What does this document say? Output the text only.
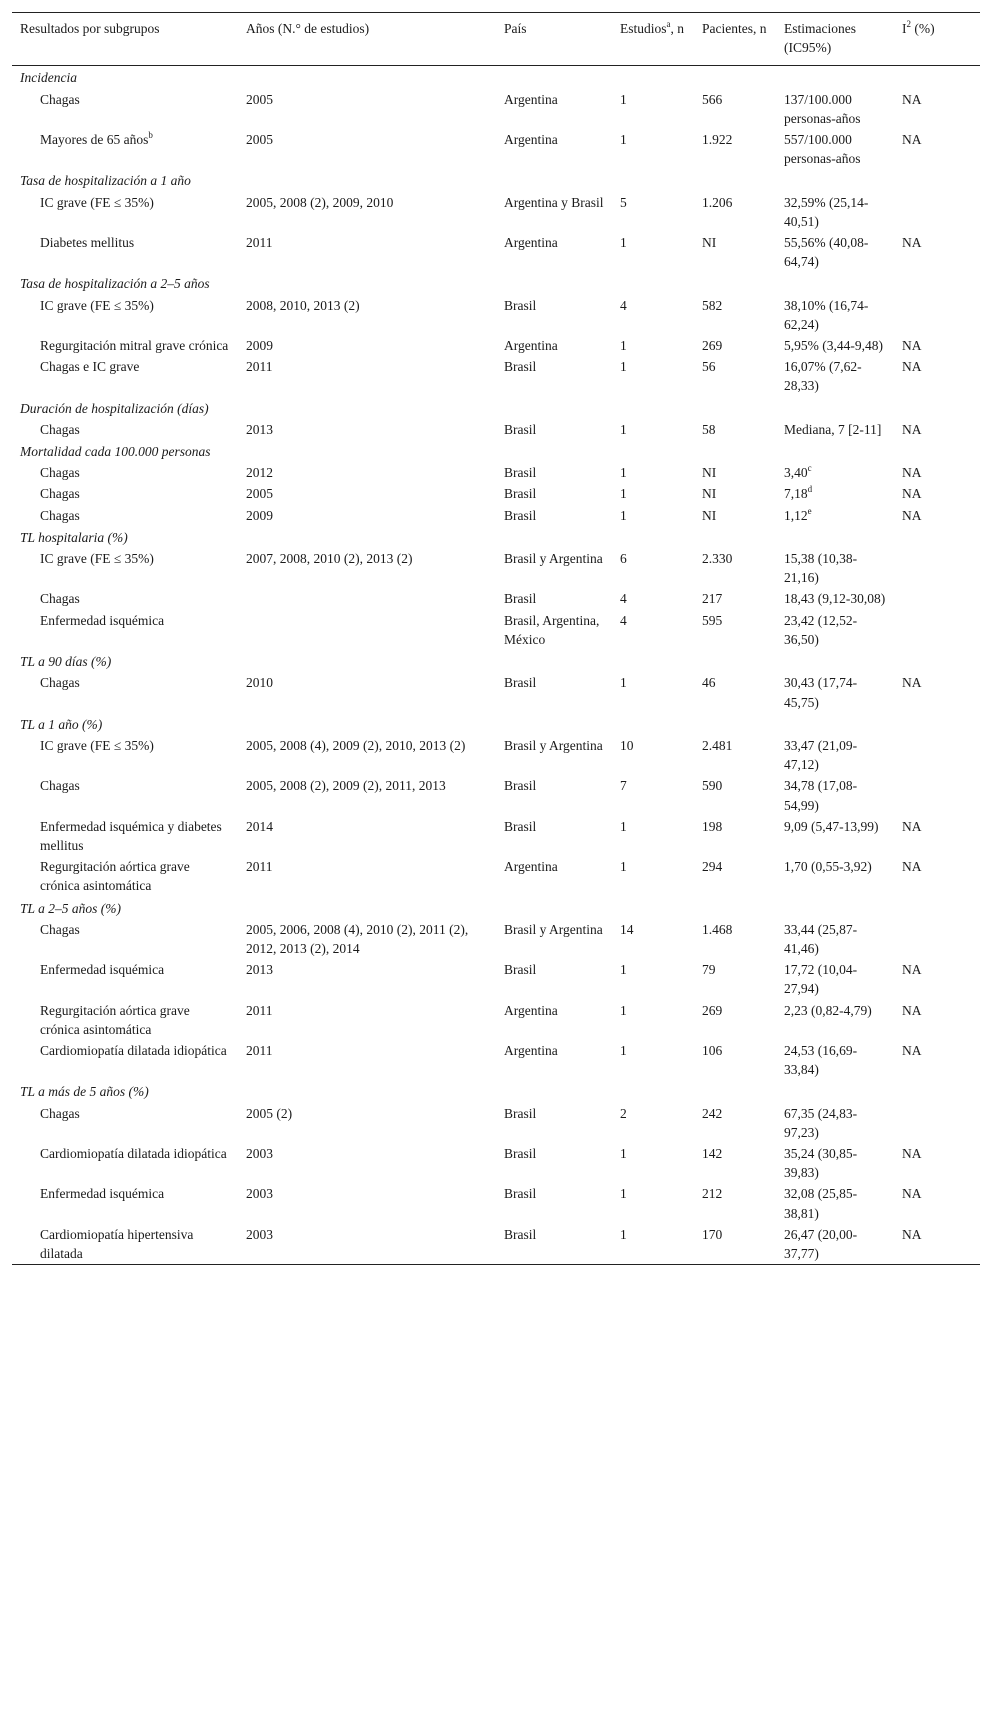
Resultados por subgrupos	Años (N.° de estudios)	País	Estudios$^a$, n	Pacientes, n	Estimaciones (IC95%)	$I^2$ (%)
Incidencia						
Chagas	2005	Argentina	1	566	137/100.000 personas-años	NA
Mayores de 65 años$^b$	2005	Argentina	1	1.922	557/100.000 personas-años	NA
Tasa de hospitalización a 1 año						
IC grave (FE ≤ 35%)	2005, 2008 (2), 2009, 2010	Argentina y Brasil	5	1.206	32,59% (25,14-40,51)	
Diabetes mellitus	2011	Argentina	1	NI	55,56% (40,08-64,74)	NA
Tasa de hospitalización a 2–5 años						
IC grave (FE ≤ 35%)	2008, 2010, 2013 (2)	Brasil	4	582	38,10% (16,74-62,24)	
Regurgitación mitral grave crónica	2009	Argentina	1	269	5,95% (3,44-9,48)	NA
Chagas e IC grave	2011	Brasil	1	56	16,07% (7,62-28,33)	NA
Duración de hospitalización (días)						
Chagas	2013	Brasil	1	58	Mediana, 7 [2-11]	NA
Mortalidad cada 100.000 personas						
Chagas	2012	Brasil	1	NI	3,40$^c$	NA
Chagas	2005	Brasil	1	NI	7,18$^d$	NA
Chagas	2009	Brasil	1	NI	1,12e	NA
TL hospitalaria (%)						
IC grave (FE ≤ 35%)	2007, 2008, 2010 (2), 2013 (2)	Brasil y Argentina	6	2.330	15,38 (10,38-21,16)	
Chagas		Brasil	4	217	18,43 (9,12-30,08)	
Enfermedad isquémica		Brasil, Argentina, México	4	595	23,42 (12,52-36,50)	
TL a 90 días (%)						
Chagas	2010	Brasil	1	46	30,43 (17,74-45,75)	NA
TL a 1 año (%)						
IC grave (FE ≤ 35%)	2005, 2008 (4), 2009 (2), 2010, 2013 (2)	Brasil y Argentina	10	2.481	33,47 (21,09-47,12)	
Chagas	2005, 2008 (2), 2009 (2), 2011, 2013	Brasil	7	590	34,78 (17,08-54,99)	
Enfermedad isquémica y diabetes mellitus	2014	Brasil	1	198	9,09 (5,47-13,99)	NA
Regurgitación aórtica grave crónica asintomática	2011	Argentina	1	294	1,70 (0,55-3,92)	NA
TL a 2–5 años (%)						
Chagas	2005, 2006, 2008 (4), 2010 (2), 2011 (2), 2012, 2013 (2), 2014	Brasil y Argentina	14	1.468	33,44 (25,87-41,46)	
Enfermedad isquémica	2013	Brasil	1	79	17,72 (10,04-27,94)	NA
Regurgitación aórtica grave crónica asintomática	2011	Argentina	1	269	2,23 (0,82-4,79)	NA
Cardiomiopatía dilatada idiopática	2011	Argentina	1	106	24,53 (16,69-33,84)	NA
TL a más de 5 años (%)						
Chagas	2005 (2)	Brasil	2	242	67,35 (24,83-97,23)	
Cardiomiopatía dilatada idiopática	2003	Brasil	1	142	35,24 (30,85-39,83)	NA
Enfermedad isquémica	2003	Brasil	1	212	32,08 (25,85-38,81)	NA
Cardiomiopatía hipertensiva dilatada	2003	Brasil	1	170	26,47 (20,00-37,77)	NA
